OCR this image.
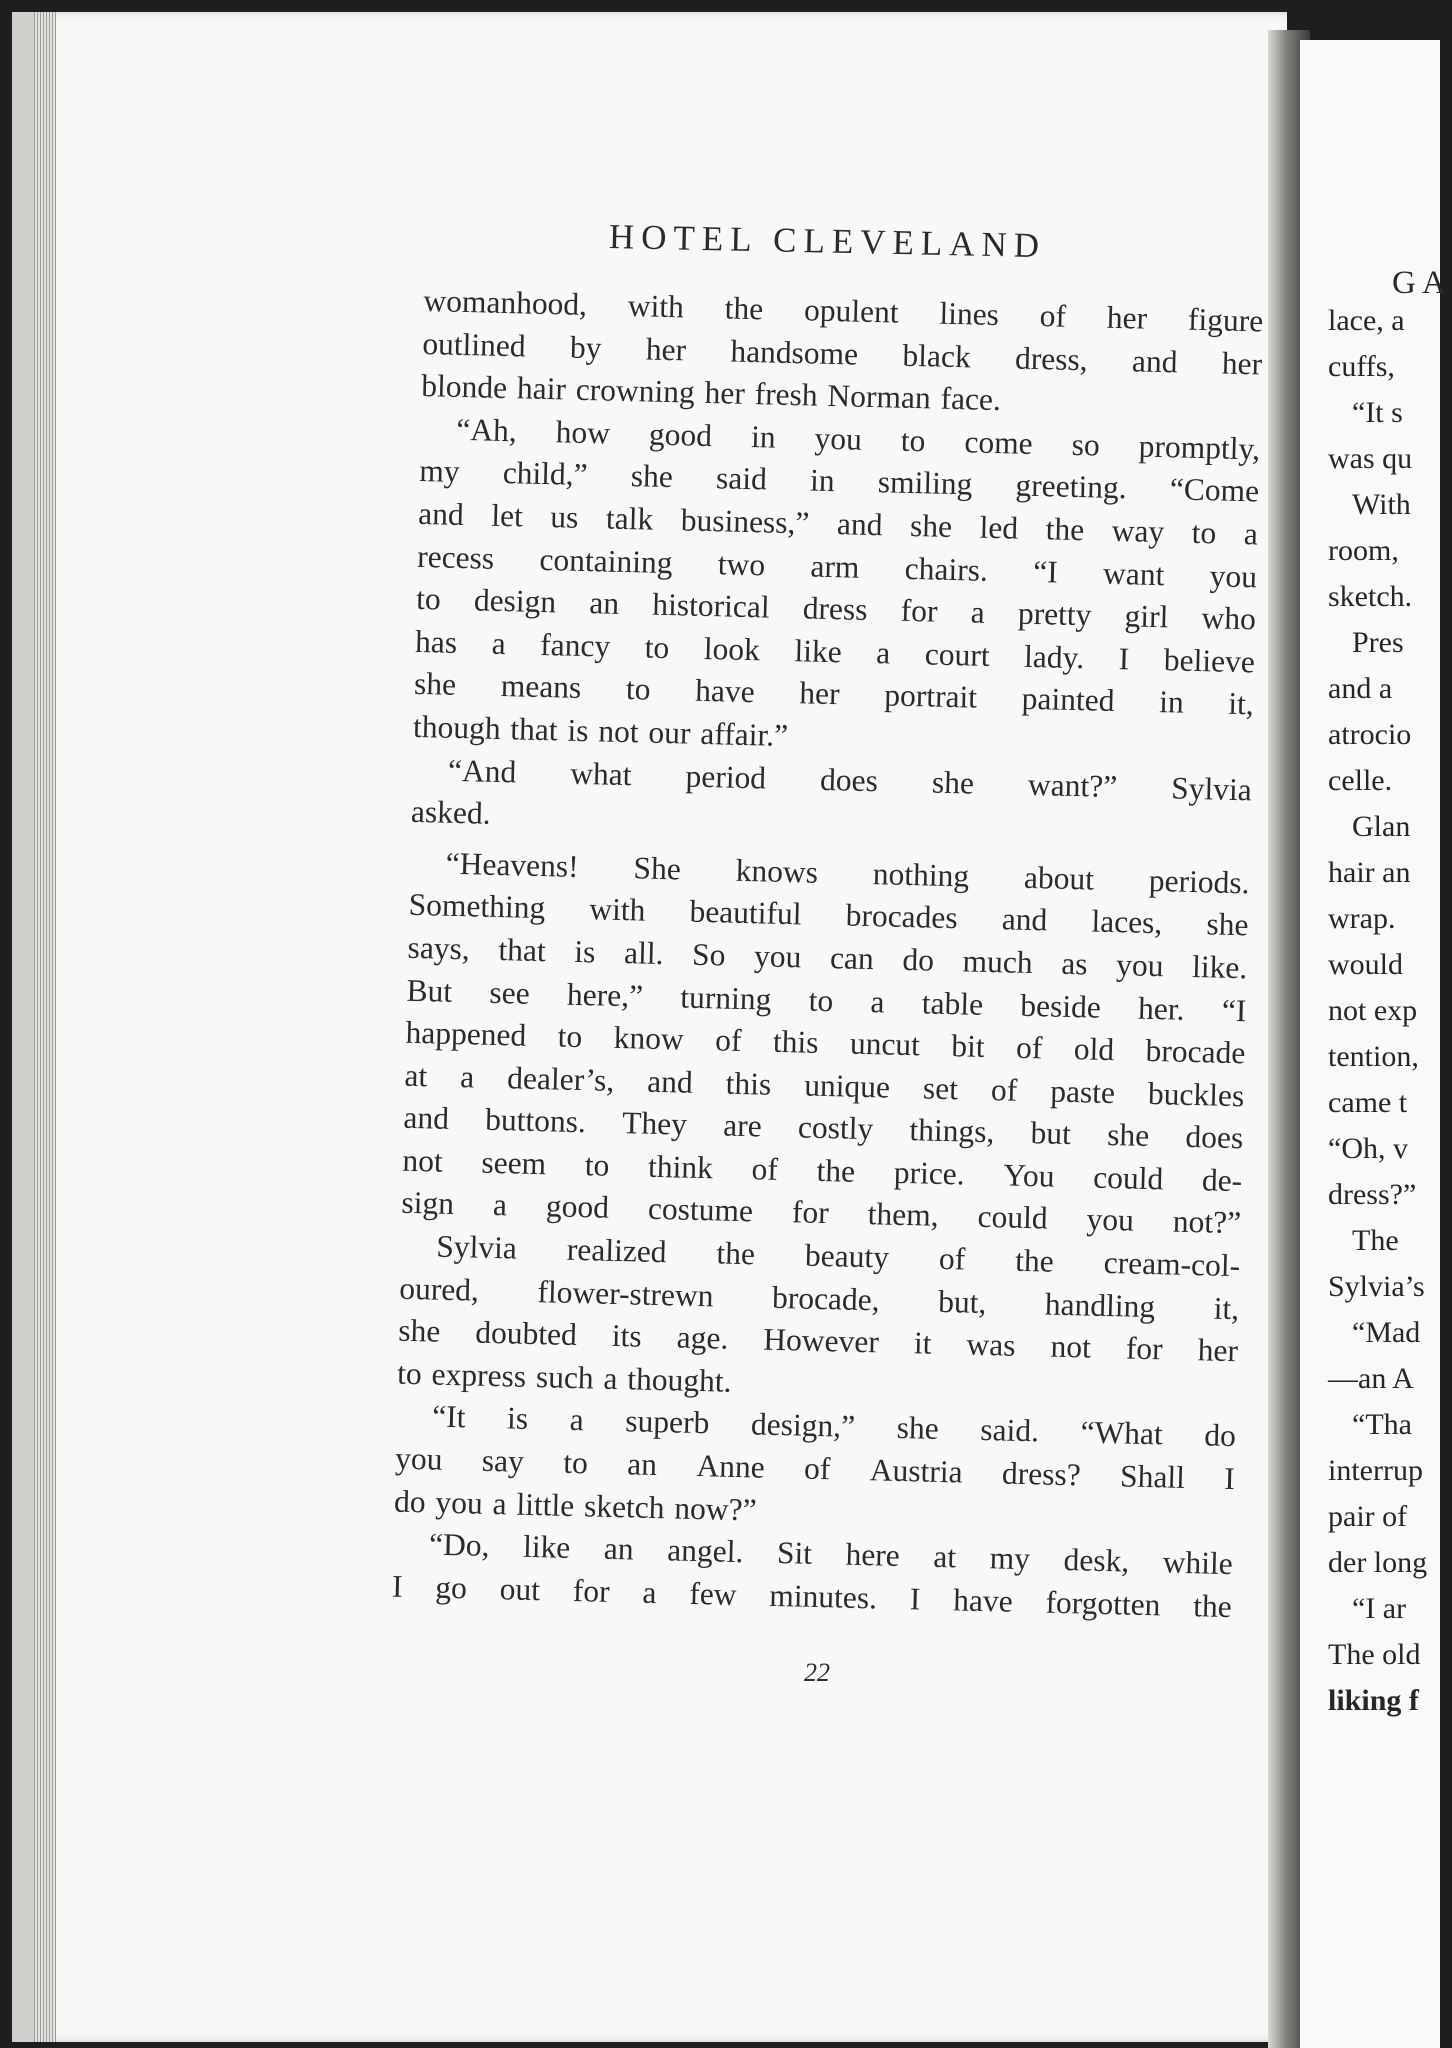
HOTEL CLEVELAND
womanhood, with the opulent lines of her figure
outlined by her handsome black dress, and her
blonde hair crowning her fresh Norman face.
“Ah, how good in you to come so promptly,
my child,” she said in smiling greeting. “Come
and let us talk business,” and she led the way to a
recess containing two arm chairs. “I want you
to design an historical dress for a pretty girl who
has a fancy to look like a court lady. I believe
she means to have her portrait painted in it,
though that is not our affair.”
“And what period does she want?” Sylvia
asked.
“Heavens! She knows nothing about periods.
Something with beautiful brocades and laces, she
says, that is all. So you can do much as you like.
But see here,” turning to a table beside her. “I
happened to know of this uncut bit of old brocade
at a dealer’s, and this unique set of paste buckles
and buttons. They are costly things, but she does
not seem to think of the price. You could de-
sign a good costume for them, could you not?”
Sylvia realized the beauty of the cream-col-
oured, flower-strewn brocade, but, handling it,
she doubted its age. However it was not for her
to express such a thought.
“It is a superb design,” she said. “What do
you say to an Anne of Austria dress? Shall I
do you a little sketch now?”
“Do, like an angel. Sit here at my desk, while
I go out for a few minutes. I have forgotten the
22
GA
lace, a
cuffs,
“It s
was qu
With
room,
sketch.
Pres
and a
atrocio
celle.
Glan
hair an
wrap.
would
not exp
tention,
came t
“Oh, v
dress?”
The
Sylvia’s
“Mad
—an A
“Tha
interrup
pair of
der long
“I ar
The old
liking f
